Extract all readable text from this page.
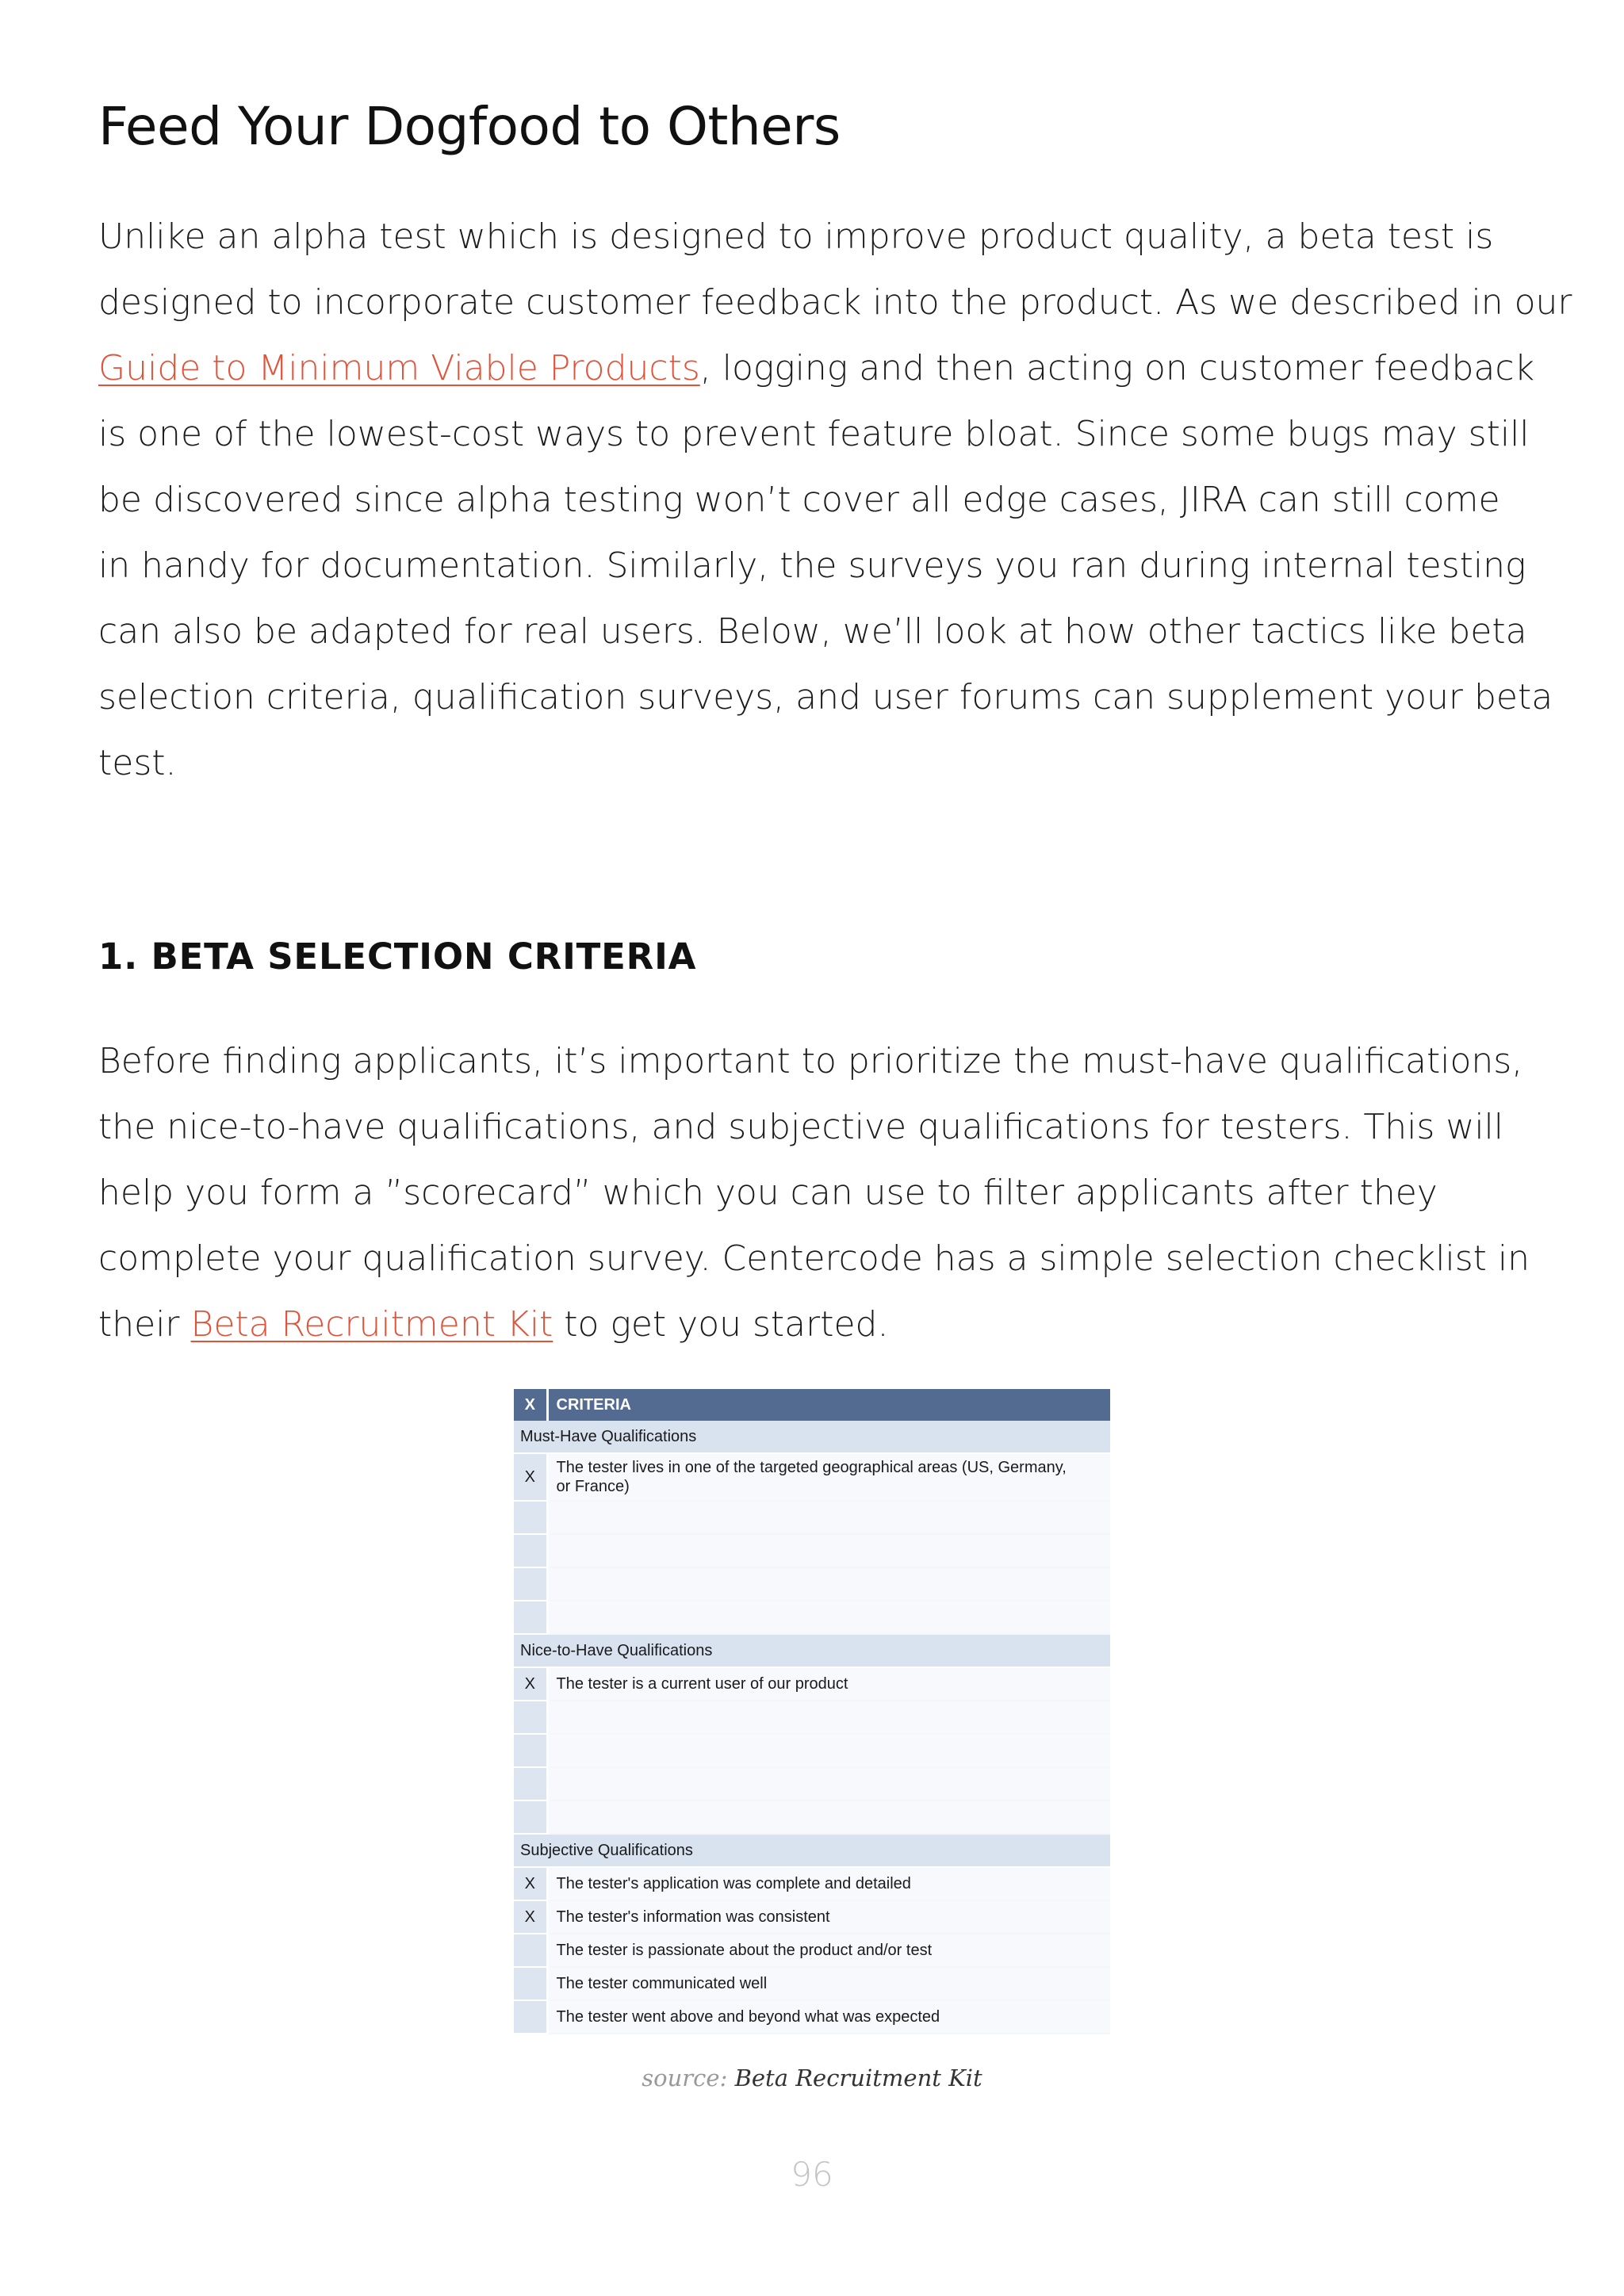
Feed Your Dogfood to Others
Unlike an alpha test which is designed to improve product quality, a beta test is
designed to incorporate customer feedback into the product. As we described in our
Guide to Minimum Viable Products, logging and then acting on customer feedback
is one of the lowest-cost ways to prevent feature bloat. Since some bugs may still
be discovered since alpha testing won’t cover all edge cases, JIRA can still come
in handy for documentation. Similarly, the surveys you ran during internal testing
can also be adapted for real users. Below, we’ll look at how other tactics like beta
selection criteria, qualification surveys, and user forums can supplement your beta
test.
1. BETA SELECTION CRITERIA
Before finding applicants, it’s important to prioritize the must-have qualifications,
the nice-to-have qualifications, and subjective qualifications for testers. This will
help you form a ”scorecard” which you can use to filter applicants after they
complete your qualification survey. Centercode has a simple selection checklist in
their Beta Recruitment Kit to get you started.
X	CRITERIA
Must-Have Qualifications	
X	The tester lives in one of the targeted geographical areas (US, Germany,
or France)

Nice-to-Have Qualifications	
X	The tester is a current user of our product

Subjective Qualifications	
X	The tester's application was complete and detailed
X	The tester's information was consistent
	The tester is passionate about the product and/or test
	The tester communicated well
	The tester went above and beyond what was expected
source: Beta Recruitment Kit
96
